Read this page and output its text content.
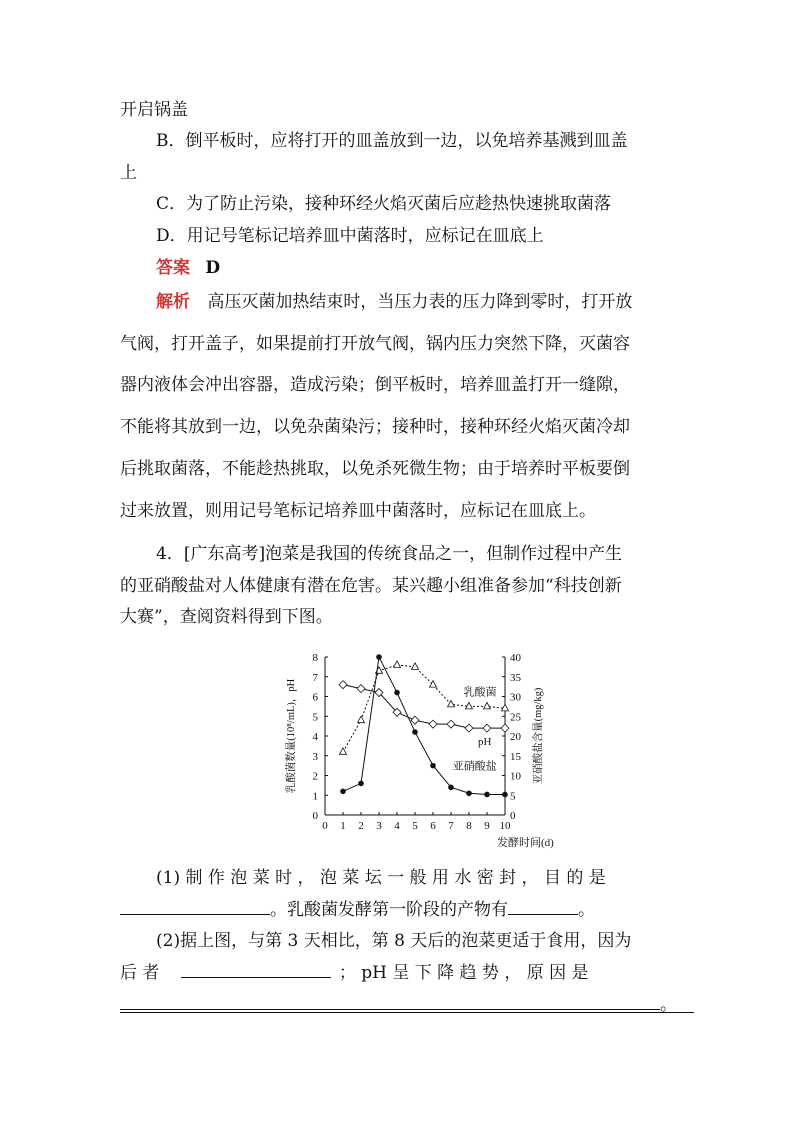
开启锅盖
B．倒平板时，应将打开的皿盖放到一边，以免培养基溅到皿盖
上
C．为了防止污染，接种环经火焰灭菌后应趁热快速挑取菌落
D．用记号笔标记培养皿中菌落时，应标记在皿底上
答案 D
解析 高压灭菌加热结束时，当压力表的压力降到零时，打开放
气阀，打开盖子，如果提前打开放气阀，锅内压力突然下降，灭菌容
器内液体会冲出容器，造成污染；倒平板时，培养皿盖打开一缝隙，
不能将其放到一边，以免杂菌染污；接种时，接种环经火焰灭菌冷却
后挑取菌落，不能趁热挑取，以免杀死微生物；由于培养时平板要倒
过来放置，则用记号笔标记培养皿中菌落时，应标记在皿底上。
4．[广东高考]泡菜是我国的传统食品之一，但制作过程中产生
的亚硝酸盐对人体健康有潜在危害。某兴趣小组准备参加“科技创新
大赛”，查阅资料得到下图。
0 1 2 3 4 5 6 7 8 9 10
0
1
2
3
4
5
6
7
8
0
5
10
15
20
25
30
35
40
发酵时间(d)
乳酸菌数量(10⁸/mL)，pH	亚硝酸盐含量(mg/kg)
乳酸菌
pH
亚硝酸盐
(1) 制 作 泡 菜 时 ， 泡 菜 坛 一 般 用 水 密 封 ， 目 的 是
。乳酸菌发酵第一阶段的产物有	。
(2)据上图，与第 3 天相比，第 8 天后的泡菜更适于食用，因为
后 者	； pH 呈 下 降 趋 势 ， 原 因 是
。
